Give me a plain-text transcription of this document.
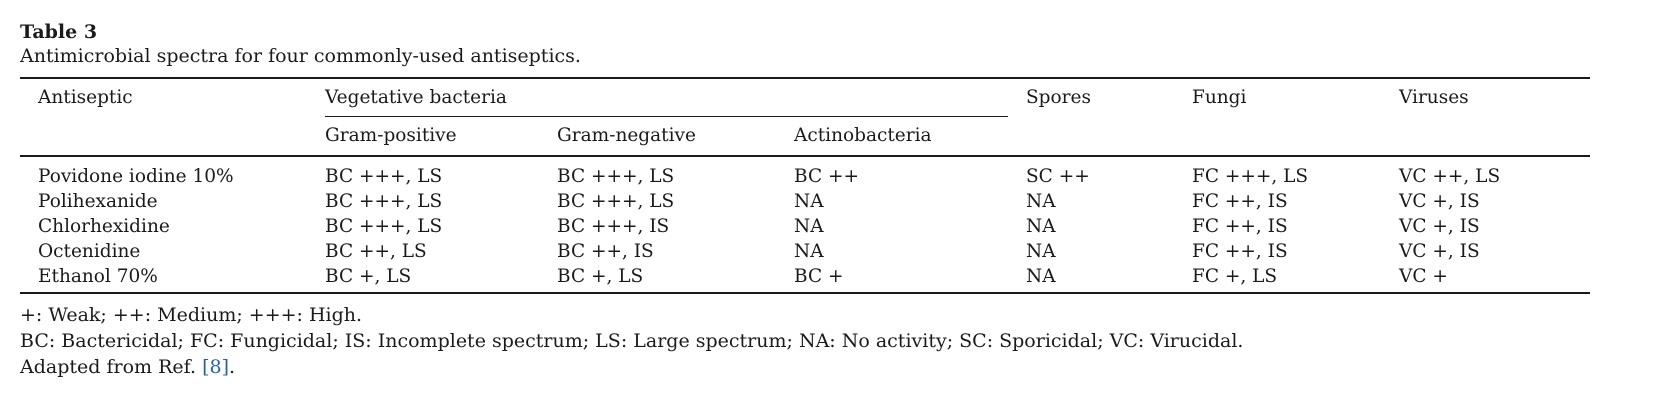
Table 3

Antimicrobial spectra for four commonly-used antiseptics.

Antiseptic	Vegetative bacteria			Spores	Fungi	Viruses
	Gram-positive	Gram-negative	Actinobacteria			
Povidone iodine 10%	BC +++, LS	BC +++, LS	BC ++	SC ++	FC +++, LS	VC ++, LS
Polihexanide	BC +++, LS	BC +++, LS	NA	NA	FC ++, IS	VC +, IS
Chlorhexidine	BC +++, LS	BC +++, IS	NA	NA	FC ++, IS	VC +, IS
Octenidine	BC ++, LS	BC ++, IS	NA	NA	FC ++, IS	VC +, IS
Ethanol 70%	BC +, LS	BC +, LS	BC +	NA	FC +, LS	VC +

+: Weak; ++: Medium; +++: High.

BC: Bactericidal; FC: Fungicidal; IS: Incomplete spectrum; LS: Large spectrum; NA: No activity; SC: Sporicidal; VC: Virucidal.

Adapted from Ref. [8].
